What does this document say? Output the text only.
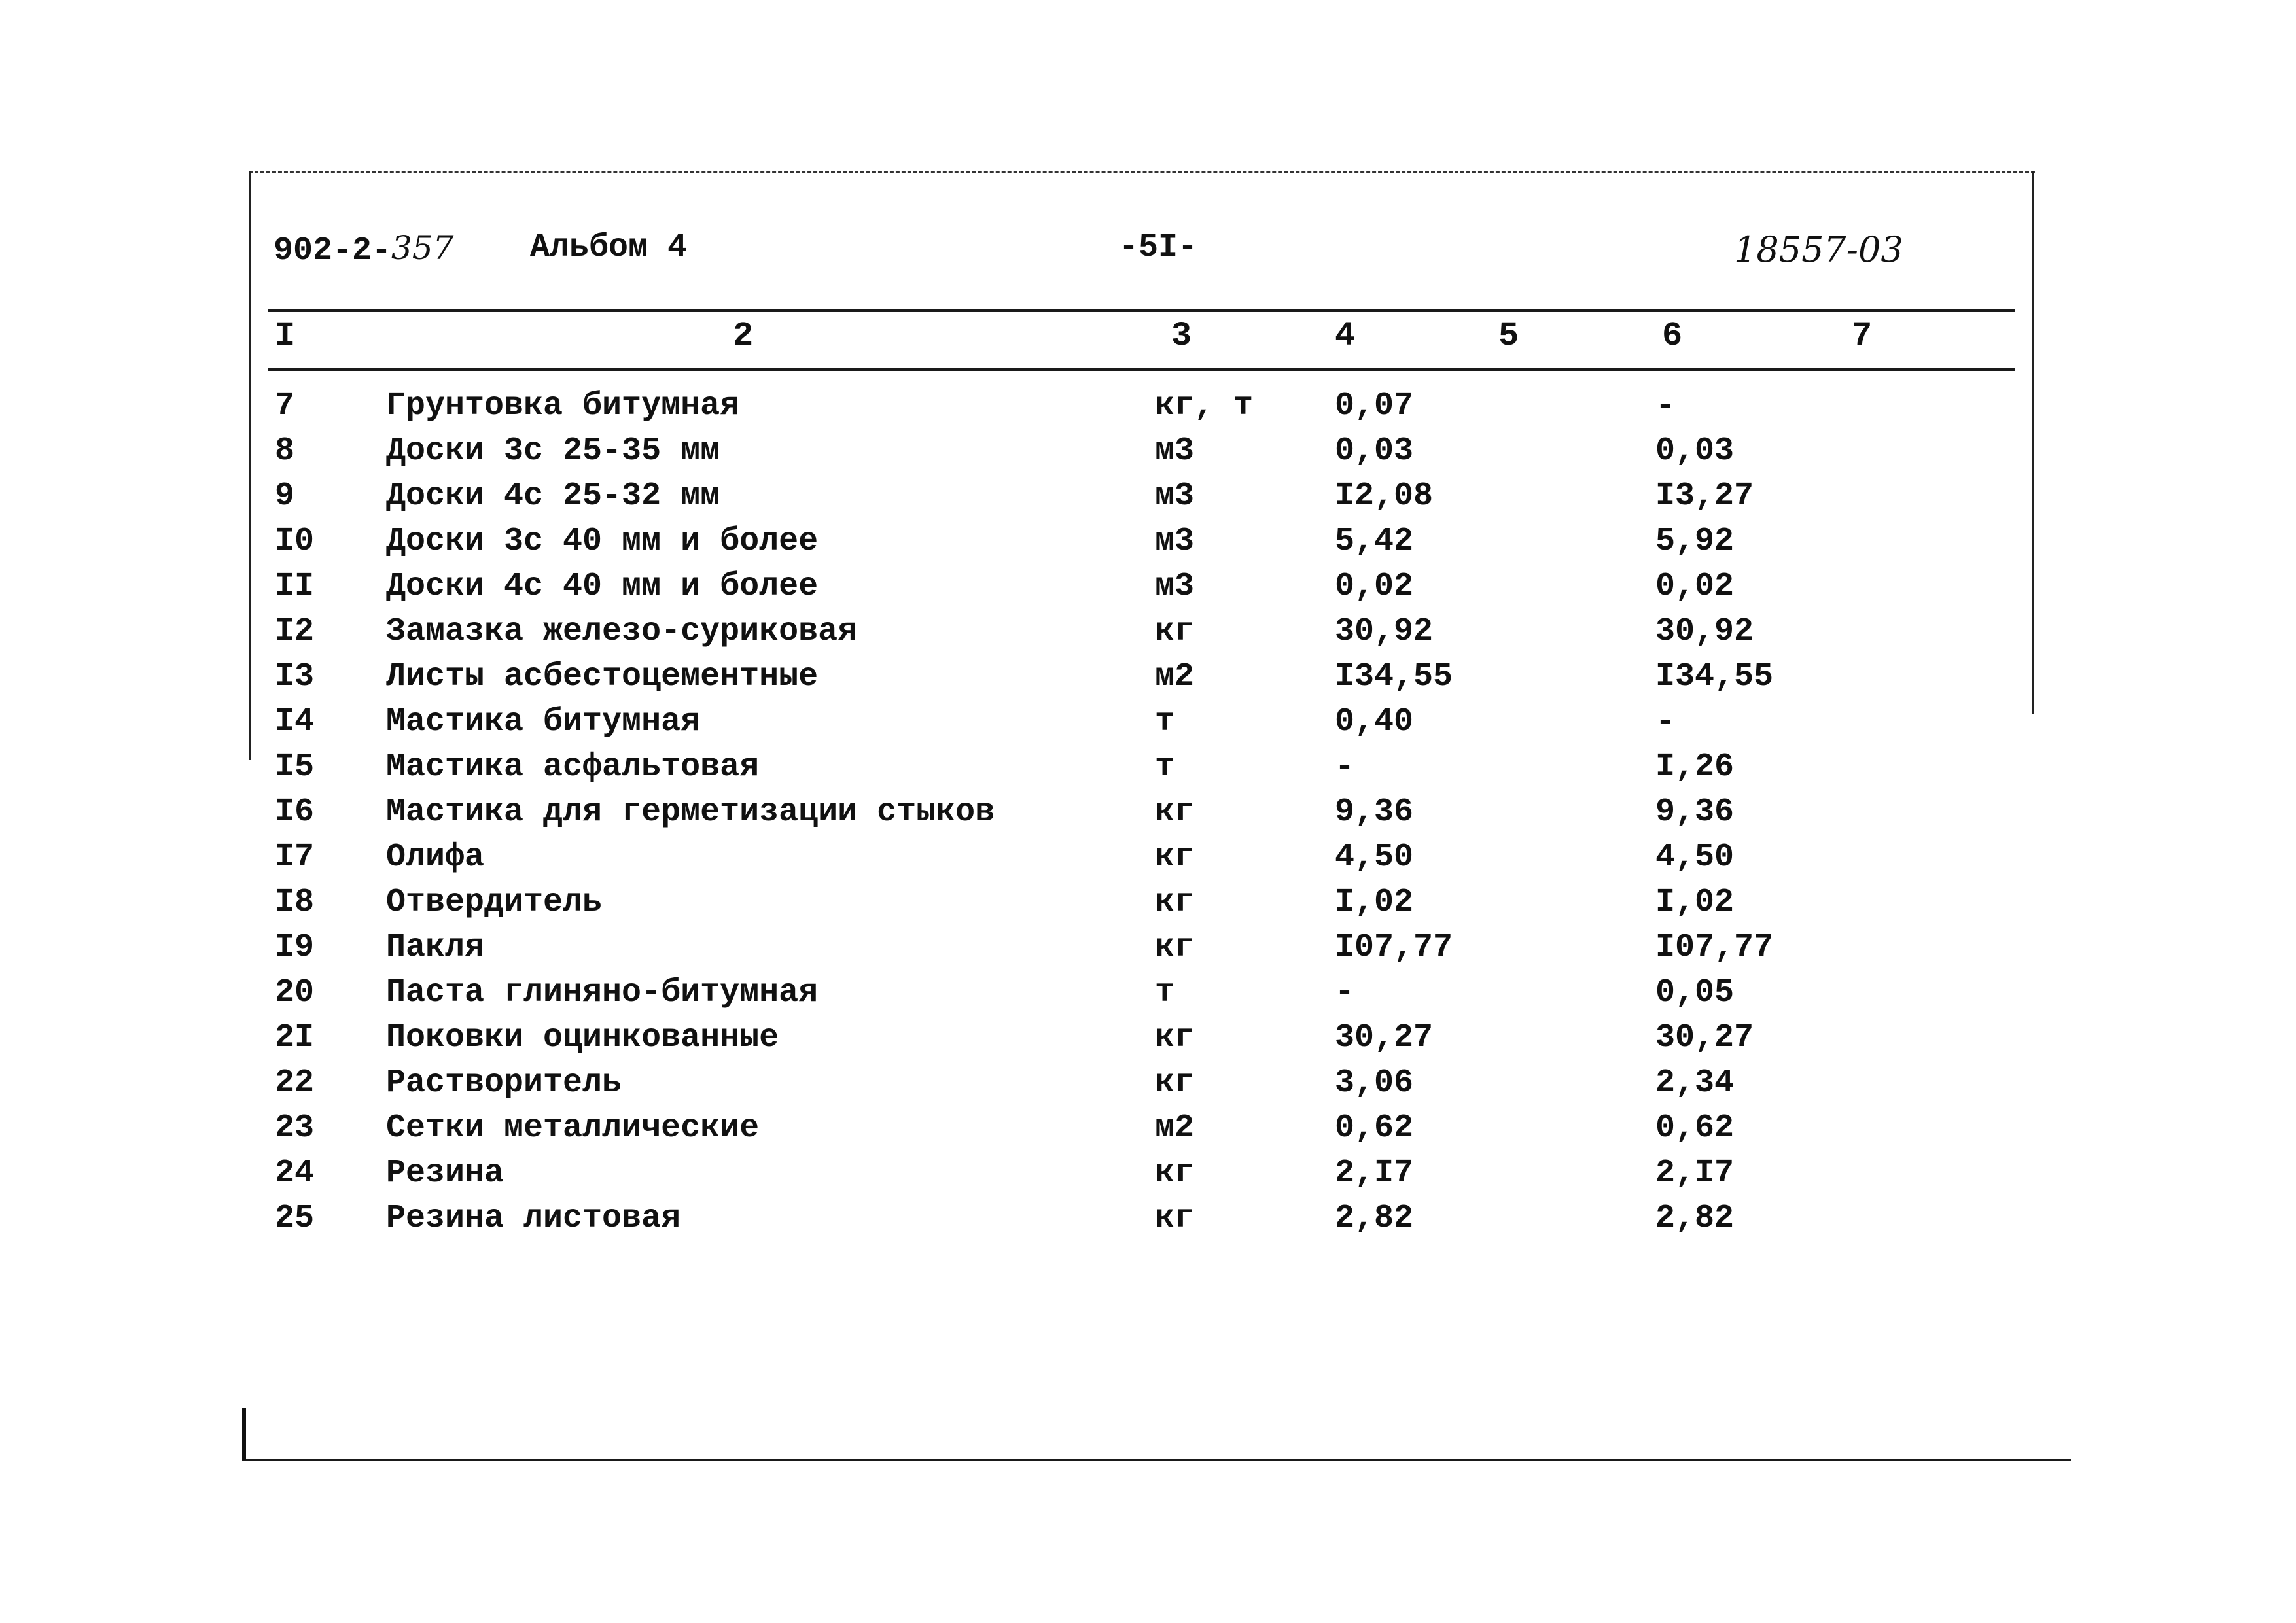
902-2-357 Альбом 4	-5I-	18557-03
I	2	3	4	5	6	7
7	Грунтовка битумная	кг, т 0,07	-
8	Доски 3с 25-35 мм	м3	0,03	0,03
9	Доски 4с 25-32 мм	м3	I2,08	I3,27
I0 Доски 3с 40 мм и более	м3	5,42	5,92
II Доски 4с 40 мм и более	м3	0,02	0,02
I2 Замазка железо-суриковая	кг	30,92	30,92
I3 Листы асбестоцементные	м2	I34,55	I34,55
I4 Мастика битумная	т	0,40	-
I5 Мастика асфальтовая	т	-	I,26
I6 Мастика для герметизации стыков	кг	9,36	9,36
I7 Олифа	кг	4,50	4,50
I8 Отвердитель	кг	I,02	I,02
I9 Пакля	кг	I07,77	I07,77
20 Паста глиняно-битумная	т	-	0,05
2I Поковки оцинкованные	кг	30,27	30,27
22 Растворитель	кг	3,06	2,34
23 Сетки металлические	м2	0,62	0,62
24 Резина	кг	2,I7	2,I7
25 Резина листовая	кг	2,82	2,82
